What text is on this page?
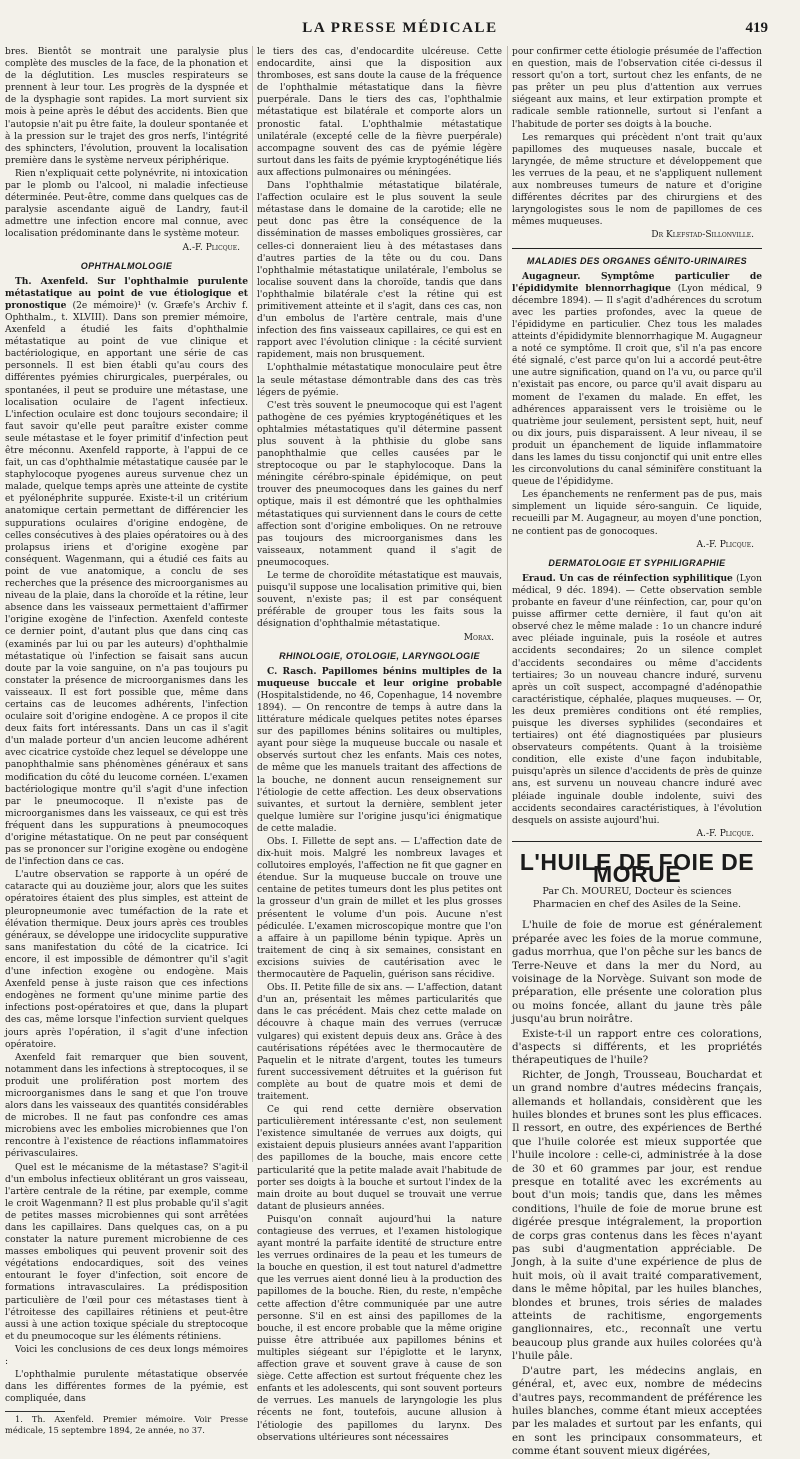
LA PRESSE MÉDICALE	419

bres. Bientôt se montrait une paralysie plus complète des muscles de la face, de la phonation et de la déglutition. Les muscles respirateurs se prennent à leur tour. Les progrès de la dyspnée et de la dysphagie sont rapides. La mort survient six mois à peine après le début des accidents. Bien que l'autopsie n'ait pu être faite, la douleur spontanée et à la pression sur le trajet des gros nerfs, l'intégrité des sphincters, l'évolution, prouvent la localisation première dans le système nerveux périphérique.

Rien n'expliquait cette polynévrite, ni intoxication par le plomb ou l'alcool, ni maladie infectieuse déterminée. Peut-être, comme dans quelques cas de paralysie ascendante aiguë de Landry, faut-il admettre une infection encore mal connue, avec localisation prédominante dans le système moteur.

A.-F. Plicque.

OPHTHALMOLOGIE

Th. Axenfeld. Sur l'ophthalmie purulente métastatique au point de vue étiologique et pronostique (2e mémoire)¹ (v. Græfe's Archiv f. Ophthalm., t. XLVIII). Dans son premier mémoire, Axenfeld a étudié les faits d'ophthalmie métastatique au point de vue clinique et bactériologique, en apportant une série de cas personnels. Il est bien établi qu'au cours des différentes pyémies chirurgicales, puerpérales, ou spontanées, il peut se produire une métastase, une localisation oculaire de l'agent infectieux. L'infection oculaire est donc toujours secondaire; il faut savoir qu'elle peut paraître exister comme seule métastase et le foyer primitif d'infection peut être méconnu. Axenfeld rapporte, à l'appui de ce fait, un cas d'ophthalmie métastatique causée par le staphylocoque pyogenes aureus survenue chez un malade, quelque temps après une atteinte de cystite et pyélonéphrite suppurée. Existe-t-il un critérium anatomique certain permettant de différencier les suppurations oculaires d'origine endogène, de celles consécutives à des plaies opératoires ou à des prolapsus iriens et d'origine exogène par conséquent. Wagenmann, qui a étudié ces faits au point de vue anatomique, a conclu de ses recherches que la présence des microorganismes au niveau de la plaie, dans la choroïde et la rétine, leur absence dans les vaisseaux permettaient d'affirmer l'origine exogène de l'infection. Axenfeld conteste ce dernier point, d'autant plus que dans cinq cas (examinés par lui ou par les auteurs) d'ophthalmie métastatique où l'infection se faisait sans aucun doute par la voie sanguine, on n'a pas toujours pu constater la présence de microorganismes dans les vaisseaux. Il est fort possible que, même dans certains cas de leucomes adhérents, l'infection oculaire soit d'origine endogène. A ce propos il cite deux faits fort intéressants. Dans un cas il s'agit d'un malade porteur d'un ancien leucome adhérent avec cicatrice cystoïde chez lequel se développe une panophthalmie sans phénomènes généraux et sans modification du côté du leucome cornéen. L'examen bactériologique montre qu'il s'agit d'une infection par le pneumocoque. Il n'existe pas de microorganismes dans les vaisseaux, ce qui est très fréquent dans les suppurations à pneumocoques d'origine métastatique. On ne peut par conséquent pas se prononcer sur l'origine exogène ou endogène de l'infection dans ce cas.

L'autre observation se rapporte à un opéré de cataracte qui au douzième jour, alors que les suites opératoires étaient des plus simples, est atteint de pleuropneumonie avec tuméfaction de la rate et élévation thermique. Deux jours après ces troubles généraux, se développe une iridocyclite suppurative sans manifestation du côté de la cicatrice. Ici encore, il est impossible de démontrer qu'il s'agit d'une infection exogène ou endogène. Mais Axenfeld pense à juste raison que ces infections endogènes ne forment qu'une minime partie des infections post-opératoires et que, dans la plupart des cas, même lorsque l'infection survient quelques jours après l'opération, il s'agit d'une infection opératoire.

Axenfeld fait remarquer que bien souvent, notamment dans les infections à streptocoques, il se produit une prolifération post mortem des microorganismes dans le sang et que l'on trouve alors dans les vaisseaux des quantités considérables de microbes. Il ne faut pas confondre ces amas microbiens avec les embolies microbiennes que l'on rencontre à l'existence de réactions inflammatoires périvasculaires.

Quel est le mécanisme de la métastase? S'agit-il d'un embolus infectieux oblitérant un gros vaisseau, l'artère centrale de la rétine, par exemple, comme le croit Wagenmann? Il est plus probable qu'il s'agit de petites masses microbiennes qui sont arrêtées dans les capillaires. Dans quelques cas, on a pu constater la nature purement microbienne de ces masses emboliques qui peuvent provenir soit des végétations endocardiques, soit des veines entourant le foyer d'infection, soit encore de formations intravasculaires. La prédisposition particulière de l'œil pour ces métastases tient à l'étroitesse des capillaires rétiniens et peut-être aussi à une action toxique spéciale du streptocoque et du pneumocoque sur les éléments rétiniens.

Voici les conclusions de ces deux longs mémoires :

L'ophthalmie purulente métastatique observée dans les différentes formes de la pyémie, est compliquée, dans

1. Th. Axenfeld. Premier mémoire. Voir Presse médicale, 15 septembre 1894, 2e année, no 37.

le tiers des cas, d'endocardite ulcéreuse. Cette endocardite, ainsi que la disposition aux thromboses, est sans doute la cause de la fréquence de l'ophthalmie métastatique dans la fièvre puerpérale. Dans le tiers des cas, l'ophthalmie métastatique est bilatérale et comporte alors un pronostic fatal. L'ophthalmie métastatique unilatérale (excepté celle de la fièvre puerpérale) accompagne souvent des cas de pyémie légère surtout dans les faits de pyémie kryptogénétique liés aux affections pulmonaires ou méningées.

Dans l'ophthalmie métastatique bilatérale, l'affection oculaire est le plus souvent la seule métastase dans le domaine de la carotide; elle ne peut donc pas être la conséquence de la dissémination de masses emboliques grossières, car celles-ci donneraient lieu à des métastases dans d'autres parties de la tête ou du cou. Dans l'ophthalmie métastatique unilatérale, l'embolus se localise souvent dans la choroïde, tandis que dans l'ophthalmie bilatérale c'est la rétine qui est primitivement atteinte et il s'agit, dans ces cas, non d'un embolus de l'artère centrale, mais d'une infection des fins vaisseaux capillaires, ce qui est en rapport avec l'évolution clinique : la cécité survient rapidement, mais non brusquement.

L'ophthalmie métastatique monoculaire peut être la seule métastase démontrable dans des cas très légers de pyémie.

C'est très souvent le pneumocoque qui est l'agent pathogène de ces pyémies kryptogénétiques et les ophtalmies métastatiques qu'il détermine passent plus souvent à la phthisie du globe sans panophthalmie que celles causées par le streptocoque ou par le staphylocoque. Dans la méningite cérébro-spinale épidémique, on peut trouver des pneumocoques dans les gaines du nerf optique, mais il est démontré que les ophthalmies métastatiques qui surviennent dans le cours de cette affection sont d'origine emboliques. On ne retrouve pas toujours des microorganismes dans les vaisseaux, notamment quand il s'agit de pneumocoques.

Le terme de choroïdite métastatique est mauvais, puisqu'il suppose une localisation primitive qui, bien souvent, n'existe pas; il est par conséquent préférable de grouper tous les faits sous la désignation d'ophthalmie métastatique.

Morax.

RHINOLOGIE, OTOLOGIE, LARYNGOLOGIE

C. Rasch. Papillomes bénins multiples de la muqueuse buccale et leur origine probable (Hospitalstidende, no 46, Copenhague, 14 novembre 1894). — On rencontre de temps à autre dans la littérature médicale quelques petites notes éparses sur des papillomes bénins solitaires ou multiples, ayant pour siège la muqueuse buccale ou nasale et observés surtout chez les enfants. Mais ces notes, de même que les manuels traitant des affections de la bouche, ne donnent aucun renseignement sur l'étiologie de cette affection. Les deux observations suivantes, et surtout la dernière, semblent jeter quelque lumière sur l'origine jusqu'ici énigmatique de cette maladie.

Obs. I. Fillette de sept ans. — L'affection date de dix-huit mois. Malgré les nombreux lavages et collutoires employés, l'affection ne fit que gagner en étendue. Sur la muqueuse buccale on trouve une centaine de petites tumeurs dont les plus petites ont la grosseur d'un grain de millet et les plus grosses présentent le volume d'un pois. Aucune n'est pédiculée. L'examen microscopique montre que l'on a affaire à un papillome bénin typique. Après un traitement de cinq à six semaines, consistant en excisions suivies de cautérisation avec le thermocautère de Paquelin, guérison sans récidive.

Obs. II. Petite fille de six ans. — L'affection, datant d'un an, présentait les mêmes particularités que dans le cas précédent. Mais chez cette malade on découvre à chaque main des verrues (verrucæ vulgares) qui existent depuis deux ans. Grâce à des cautérisations répétées avec le thermocautère de Paquelin et le nitrate d'argent, toutes les tumeurs furent successivement détruites et la guérison fut complète au bout de quatre mois et demi de traitement.

Ce qui rend cette dernière observation particulièrement intéressante c'est, non seulement l'existence simultanée de verrues aux doigts, qui existaient depuis plusieurs années avant l'apparition des papillomes de la bouche, mais encore cette particularité que la petite malade avait l'habitude de porter ses doigts à la bouche et surtout l'index de la main droite au bout duquel se trouvait une verrue datant de plusieurs années.

Puisqu'on connaît aujourd'hui la nature contagieuse des verrues, et l'examen histologique ayant montré la parfaite identité de structure entre les verrues ordinaires de la peau et les tumeurs de la bouche en question, il est tout naturel d'admettre que les verrues aient donné lieu à la production des papillomes de la bouche. Rien, du reste, n'empêche cette affection d'être communiquée par une autre personne. S'il en est ainsi des papillomes de la bouche, il est encore probable que la même origine puisse être attribuée aux papillomes bénins et multiples siégeant sur l'épiglotte et le larynx, affection grave et souvent grave à cause de son siège. Cette affection est surtout fréquente chez les enfants et les adolescents, qui sont souvent porteurs de verrues. Les manuels de laryngologie les plus récents ne font, toutefois, aucune allusion à l'étiologie des papillomes du larynx. Des observations ultérieures sont nécessaires

pour confirmer cette étiologie présumée de l'affection en question, mais de l'observation citée ci-dessus il ressort qu'on a tort, surtout chez les enfants, de ne pas prêter un peu plus d'attention aux verrues siégeant aux mains, et leur extirpation prompte et radicale semble rationnelle, surtout si l'enfant a l'habitude de porter ses doigts à la bouche.

Les remarques qui précèdent n'ont trait qu'aux papillomes des muqueuses nasale, buccale et laryngée, de même structure et développement que les verrues de la peau, et ne s'appliquent nullement aux nombreuses tumeurs de nature et d'origine différentes décrites par des chirurgiens et des laryngologistes sous le nom de papillomes de ces mêmes muqueuses.

Dr Klefstad-Sillonville.

MALADIES DES ORGANES GÉNITO-URINAIRES

Augagneur. Symptôme particulier de l'épididymite blennorrhagique (Lyon médical, 9 décembre 1894). — Il s'agit d'adhérences du scrotum avec les parties profondes, avec la queue de l'épididyme en particulier. Chez tous les malades atteints d'épididymite blennorrhagique M. Augagneur a noté ce symptôme. Il croit que, s'il n'a pas encore été signalé, c'est parce qu'on lui a accordé peut-être une autre signification, quand on l'a vu, ou parce qu'il n'existait pas encore, ou parce qu'il avait disparu au moment de l'examen du malade. En effet, les adhérences apparaissent vers le troisième ou le quatrième jour seulement, persistent sept, huit, neuf ou dix jours, puis disparaissent. A leur niveau, il se produit un épanchement de liquide inflammatoire dans les lames du tissu conjonctif qui unit entre elles les circonvolutions du canal séminifère constituant la queue de l'épididyme.

Les épanchements ne renferment pas de pus, mais simplement un liquide séro-sanguin. Ce liquide, recueilli par M. Augagneur, au moyen d'une ponction, ne contient pas de gonocoques.

A.-F. Plicque.

DERMATOLOGIE ET SYPHILIGRAPHIE

Eraud. Un cas de réinfection syphilitique (Lyon médical, 9 déc. 1894). — Cette observation semble probante en faveur d'une réinfection, car, pour qu'on puisse affirmer cette dernière, il faut qu'on ait observé chez le même malade : 1o un chancre induré avec pléiade inguinale, puis la roséole et autres accidents secondaires; 2o un silence complet d'accidents secondaires ou même d'accidents tertiaires; 3o un nouveau chancre induré, survenu après un coït suspect, accompagné d'adénopathie caractéristique, céphalée, plaques muqueuses. — Or, les deux premières conditions ont été remplies, puisque les diverses syphilides (secondaires et tertiaires) ont été diagnostiquées par plusieurs observateurs compétents. Quant à la troisième condition, elle existe d'une façon indubitable, puisqu'après un silence d'accidents de près de quinze ans, est survenu un nouveau chancre induré avec pléiade inguinale double indolente, suivi des accidents secondaires caractéristiques, à l'évolution desquels on assiste aujourd'hui.

A.-F. Plicque.

L'HUILE DE FOIE DE MORUE

Par Ch. MOUREU, Docteur ès sciences

Pharmacien en chef des Asiles de la Seine.

L'huile de foie de morue est généralement préparée avec les foies de la morue commune, gadus morrhua, que l'on pêche sur les bancs de Terre-Neuve et dans la mer du Nord, au voisinage de la Norvège. Suivant son mode de préparation, elle présente une coloration plus ou moins foncée, allant du jaune très pâle jusqu'au brun noirâtre.

Existe-t-il un rapport entre ces colorations, d'aspects si différents, et les propriétés thérapeutiques de l'huile?

Richter, de Jongh, Trousseau, Bouchardat et un grand nombre d'autres médecins français, allemands et hollandais, considèrent que les huiles blondes et brunes sont les plus efficaces. Il ressort, en outre, des expériences de Berthé que l'huile colorée est mieux supportée que l'huile incolore : celle-ci, administrée à la dose de 30 et 60 grammes par jour, est rendue presque en totalité avec les excréments au bout d'un mois; tandis que, dans les mêmes conditions, l'huile de foie de morue brune est digérée presque intégralement, la proportion de corps gras contenus dans les fèces n'ayant pas subi d'augmentation appréciable. De Jongh, à la suite d'une expérience de plus de huit mois, où il avait traité comparativement, dans le même hôpital, par les huiles blanches, blondes et brunes, trois séries de malades atteints de rachitisme, engorgements ganglionnaires, etc., reconnaît une vertu beaucoup plus grande aux huiles colorées qu'à l'huile pâle.

D'autre part, les médecins anglais, en général, et, avec eux, nombre de médecins d'autres pays, recommandent de préférence les huiles blanches, comme étant mieux acceptées par les malades et surtout par les enfants, qui en sont les principaux consommateurs, et comme étant souvent mieux digérées,
